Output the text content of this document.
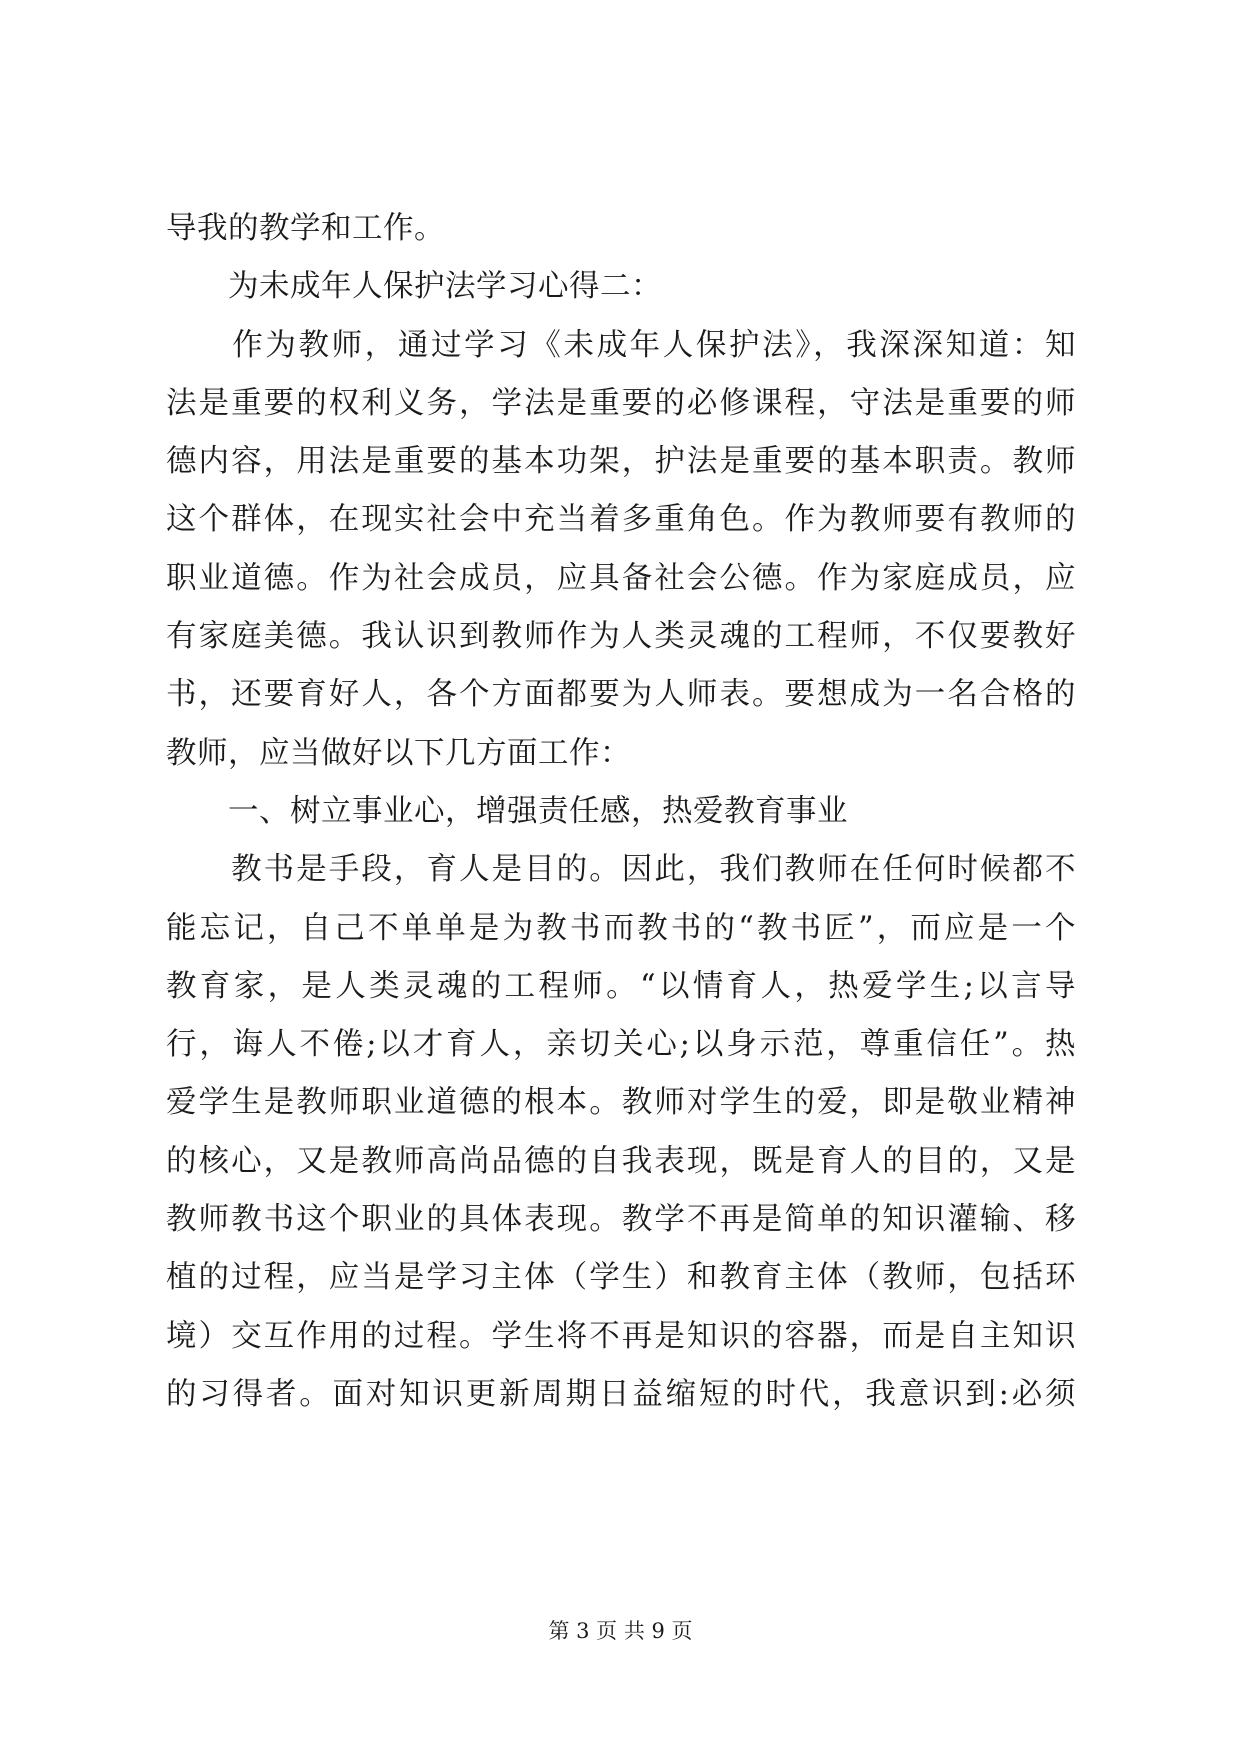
导我的教学和工作。
　　为未成年人保护法学习心得二：
　　作为教师，通过学习《未成年人保护法》，我深深知道：知
法是重要的权利义务，学法是重要的必修课程，守法是重要的师
德内容，用法是重要的基本功架，护法是重要的基本职责。教师
这个群体，在现实社会中充当着多重角色。作为教师要有教师的
职业道德。作为社会成员，应具备社会公德。作为家庭成员，应
有家庭美德。我认识到教师作为人类灵魂的工程师，不仅要教好
书，还要育好人，各个方面都要为人师表。要想成为一名合格的
教师，应当做好以下几方面工作：
　　一、树立事业心，增强责任感，热爱教育事业
　　教书是手段，育人是目的。因此，我们教师在任何时候都不
能忘记，自己不单单是为教书而教书的“教书匠”，而应是一个
教育家，是人类灵魂的工程师。“以情育人，热爱学生;以言导
行，诲人不倦;以才育人，亲切关心;以身示范，尊重信任”。热
爱学生是教师职业道德的根本。教师对学生的爱，即是敬业精神
的核心，又是教师高尚品德的自我表现，既是育人的目的，又是
教师教书这个职业的具体表现。教学不再是简单的知识灌输、移
植的过程，应当是学习主体（学生）和教育主体（教师，包括环
境）交互作用的过程。学生将不再是知识的容器，而是自主知识
的习得者。面对知识更新周期日益缩短的时代，我意识到:必须
第 3 页 共 9 页
